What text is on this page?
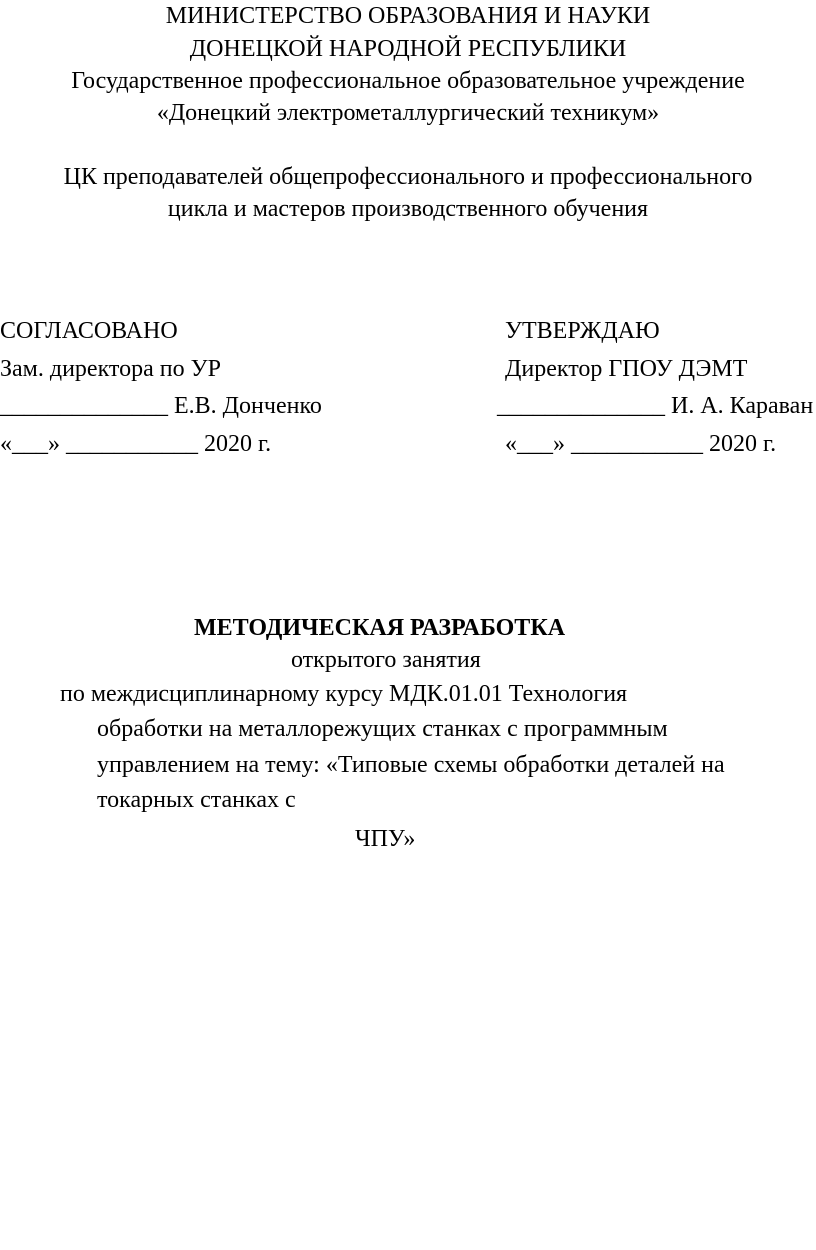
МИНИСТЕРСТВО ОБРАЗОВАНИЯ И НАУКИ
ДОНЕЦКОЙ НАРОДНОЙ РЕСПУБЛИКИ
Государственное профессиональное образовательное учреждение
«Донецкий электрометаллургический техникум»
ЦК преподавателей общепрофессионального и профессионального
цикла и мастеров производственного обучения
СОГЛАСОВАНО
Зам. директора по УР
______________ Е.В. Донченко
«___» ___________ 2020 г.
УТВЕРЖДАЮ
Директор ГПОУ ДЭМТ
______________ И. А. Караван
«___» ___________ 2020 г.
МЕТОДИЧЕСКАЯ РАЗРАБОТКА
открытого занятия
по междисциплинарному курсу МДК.01.01 Технология
обработки на металлорежущих станках с программным
управлением на тему: «Типовые схемы обработки деталей на
токарных станках с
ЧПУ»
